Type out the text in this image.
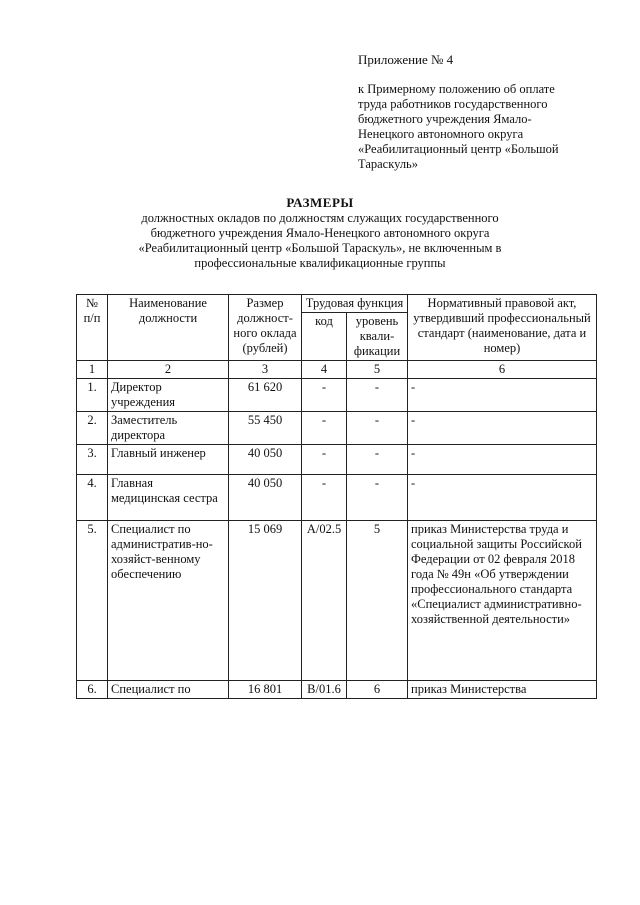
Приложение № 4
к Примерному положению об оплате
труда работников государственного
бюджетного учреждения Ямало-
Ненецкого автономного округа
«Реабилитационный центр «Большой
Тараскуль»
РАЗМЕРЫ
должностных окладов по должностям служащих государственного
бюджетного учреждения Ямало-Ненецкого автономного округа
«Реабилитационный центр «Большой Тараскуль», не включенным в
профессиональные квалификационные группы
№ п/п	Наименование должности	Размер должност-ного оклада (рублей)	Трудовая функция		Нормативный правовой акт, утвердивший профессиональный стандарт (наименование, дата и номер)
			код	уровень квали-фикации	
1	2	3	4	5	6
1.	Директор учреждения	61 620	-	-	-
2.	Заместитель директора	55 450	-	-	-
3.	Главный инженер	40 050	-	-	-
4.	Главная медицинская сестра	40 050	-	-	-
5.	Специалист по административ-но-хозяйст-венному обеспечению	15 069	А/02.5	5	приказ Министерства труда и социальной защиты Российской Федерации от 02 февраля 2018 года № 49н «Об утверждении профессионального стандарта «Специалист административно-хозяйственной деятельности»
6.	Специалист по	16 801	В/01.6	6	приказ Министерства
